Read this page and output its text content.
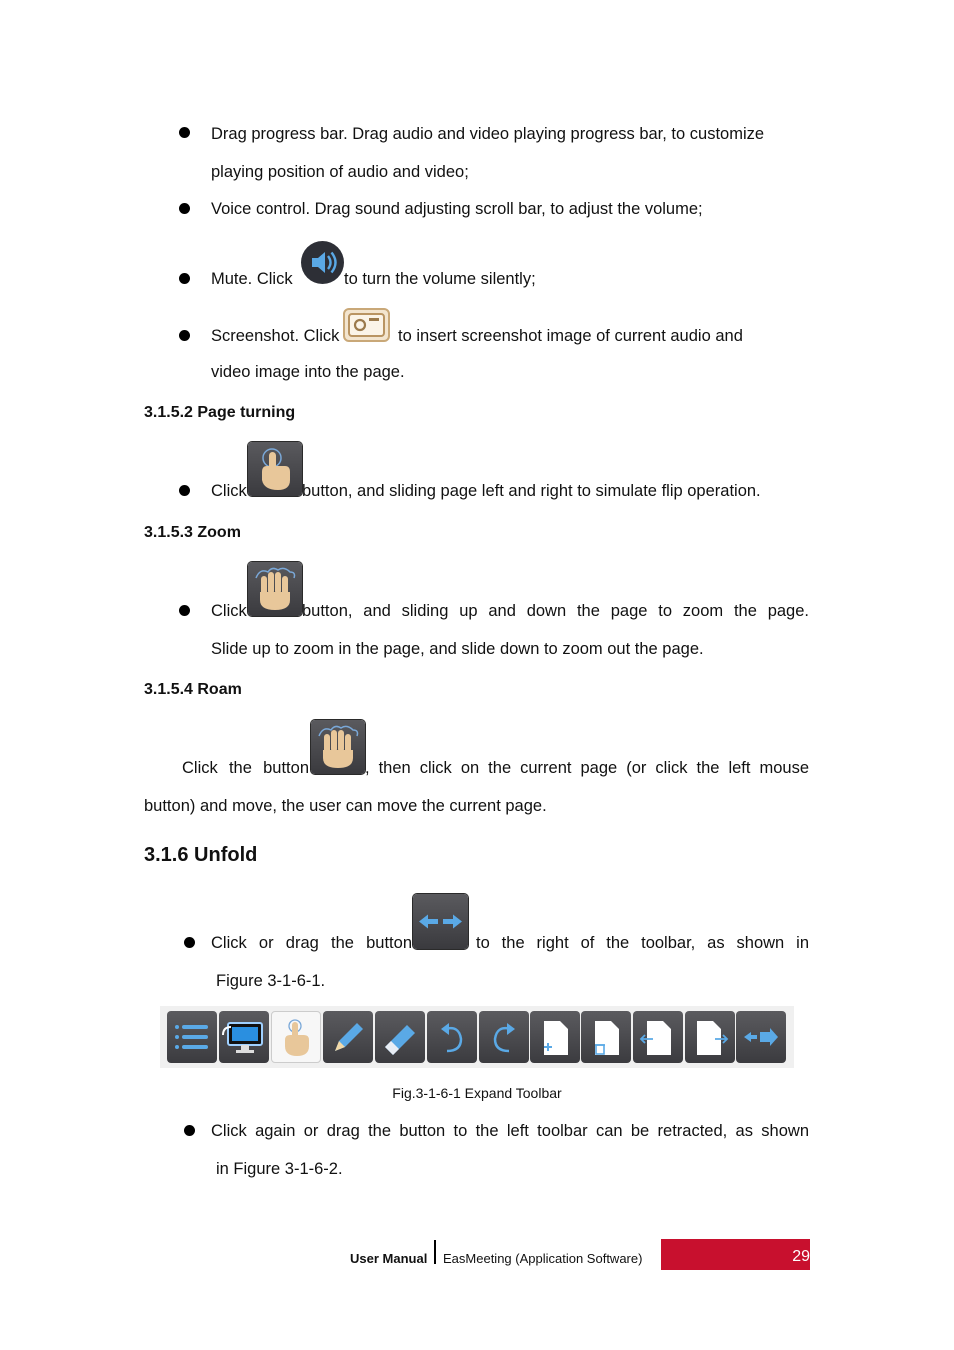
Drag progress bar. Drag audio and video playing progress bar, to customize
playing position of audio and video;
Voice control. Drag sound adjusting scroll bar, to adjust the volume;
Mute. Click	to turn the volume silently;
Screenshot. Click	to insert screenshot image of current audio and
video image into the page.
3.1.5.2 Page turning
Click	button, and sliding page left and right to simulate flip operation.
3.1.5.3 Zoom
Click	button, and sliding up and down the page to zoom the page.
Slide up to zoom in the page, and slide down to zoom out the page.
3.1.5.4 Roam
Click the button	, then click on the current page (or click the left mouse
button) and move, the user can move the current page.
3.1.6 Unfold
Click or drag the button	to the right of the toolbar, as shown in
Figure 3-1-6-1.
Fig.3-1-6-1 Expand Toolbar
Click again or drag the button to the left toolbar can be retracted, as shown
in Figure 3-1-6-2.
User Manual EasMeeting (Application Software)	29
